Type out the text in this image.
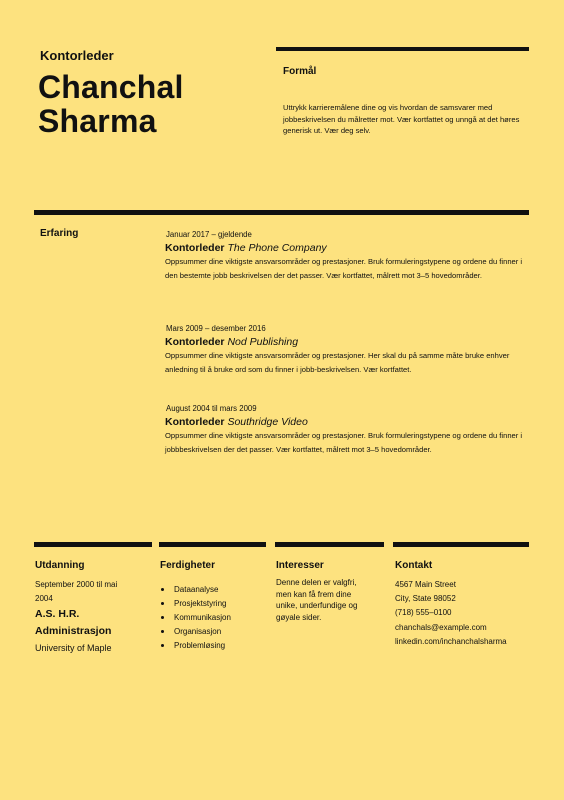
Kontorleder
Chanchal
Sharma
Formål
Uttrykk karrieremålene dine og vis hvordan de samsvarer med jobbeskrivelsen du målretter mot. Vær kortfattet og unngå at det høres generisk ut. Vær deg selv.
Erfaring	Januar 2017 – gjeldende
Kontorleder The Phone Company
Oppsummer dine viktigste ansvarsområder og prestasjoner. Bruk formuleringstypene og ordene du finner i den bestemte jobb beskrivelsen der det passer. Vær kortfattet, målrett mot 3–5 hovedområder.
Mars 2009 – desember 2016
Kontorleder Nod Publishing
Oppsummer dine viktigste ansvarsområder og prestasjoner. Her skal du på samme måte bruke enhver anledning til å bruke ord som du finner i jobb-beskrivelsen. Vær kortfattet.
August 2004 til mars 2009
Kontorleder Southridge Video
Oppsummer dine viktigste ansvarsområder og prestasjoner. Bruk formuleringstypene og ordene du finner i jobbbeskrivelsen der det passer. Vær kortfattet, målrett mot 3–5 hovedområder.
Utdanning
September 2000 til mai
2004
A.S. H.R.
Administrasjon
University of Maple
Ferdigheter
Dataanalyse
Prosjektstyring
Kommunikasjon
Organisasjon
Problemløsing
Interesser
Denne delen er valgfri,
men kan få frem dine
unike, underfundige og
gøyale sider.
Kontakt
4567 Main Street
City, State 98052
(718) 555–0100
chanchals@example.com
linkedin.com/inchanchalsharma
